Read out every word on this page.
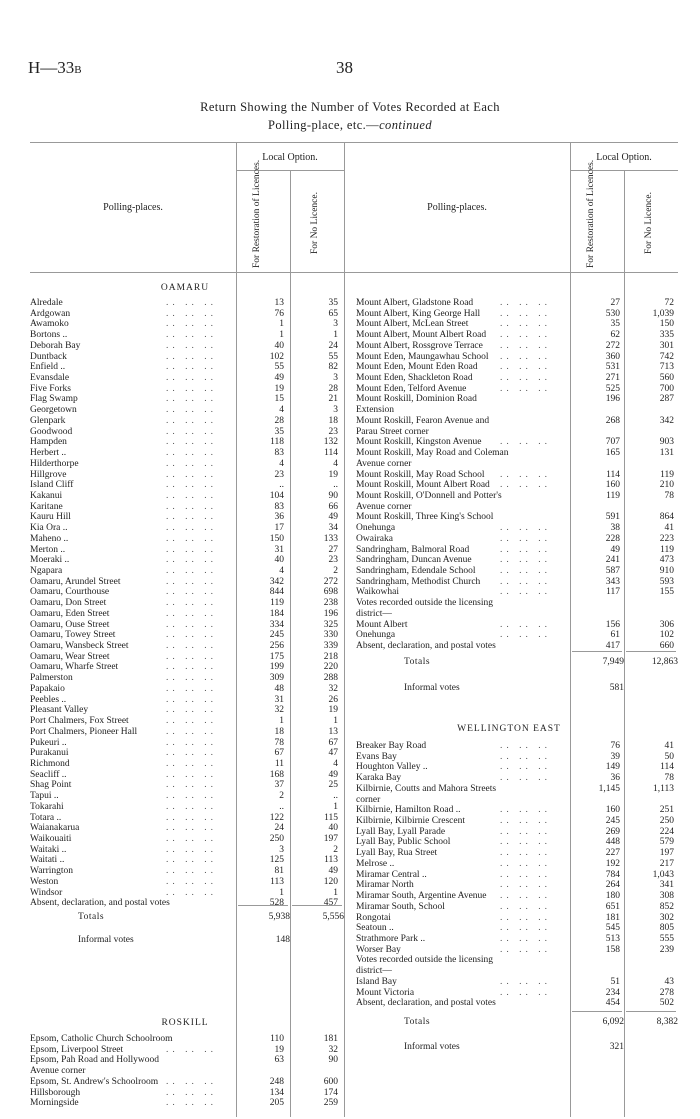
H—33B	38
Return Showing the Number of Votes Recorded at Each
Polling-place, etc.—continued
Polling-places.
Local Option.
For Restoration of Licences.	For No Licence.	Polling-places.
Local Option.
For Restoration of Licences.	For No Licence.
OAMARU
ROSKILL
WELLINGTON EAST
Alredale	.. .. ..	13	35
Ardgowan	.. .. ..	76	65
Awamoko	.. .. ..	1	3
Bortons ..	.. .. ..	1	1
Deborah Bay	.. .. ..	40	24
Duntback	.. .. ..	102	55
Enfield ..	.. .. ..	55	82
Evansdale	.. .. ..	49	3
Five Forks	.. .. ..	19	28
Flag Swamp	.. .. ..	15	21
Georgetown	.. .. ..	4	3
Glenpark	.. .. ..	28	18
Goodwood	.. .. ..	35	23
Hampden	.. .. ..	118	132
Herbert ..	.. .. ..	83	114
Hilderthorpe	.. .. ..	4	4
Hillgrove	.. .. ..	23	19
Island Cliff	.. .. ..	..	..
Kakanui	.. .. ..	104	90
Karitane	.. .. ..	83	66
Kauru Hill	.. .. ..	36	49
Kia Ora ..	.. .. ..	17	34
Maheno ..	.. .. ..	150	133
Merton ..	.. .. ..	31	27
Moeraki ..	.. .. ..	40	23
Ngapara	.. .. ..	4	2
Oamaru, Arundel Street	.. .. ..	342	272
Oamaru, Courthouse	.. .. ..	844	698
Oamaru, Don Street	.. .. ..	119	238
Oamaru, Eden Street	.. .. ..	184	196
Oamaru, Ouse Street	.. .. ..	334	325
Oamaru, Towey Street	.. .. ..	245	330
Oamaru, Wansbeck Street	.. .. ..	256	339
Oamaru, Wear Street	.. .. ..	175	218
Oamaru, Wharfe Street	.. .. ..	199	220
Palmerston	.. .. ..	309	288
Papakaio	.. .. ..	48	32
Peebles ..	.. .. ..	31	26
Pleasant Valley	.. .. ..	32	19
Port Chalmers, Fox Street	.. .. ..	1	1
Port Chalmers, Pioneer Hall	.. .. ..	18	13
Pukeuri ..	.. .. ..	78	67
Purakanui	.. .. ..	67	47
Richmond	.. .. ..	11	4
Seacliff ..	.. .. ..	168	49
Shag Point	.. .. ..	37	25
Tapui ..	.. .. ..	2	..
Tokarahi	.. .. ..	..	1
Totara ..	.. .. ..	122	115
Waianakarua	.. .. ..	24	40
Waikouaiti	.. .. ..	250	197
Waitaki ..	.. .. ..	3	2
Waitati ..	.. .. ..	125	113
Warrington	.. .. ..	81	49
Weston	.. .. ..	113	120
Windsor	.. .. ..	1	1
Absent, declaration, and postal votes	528	457
Epsom, Catholic Church Schoolroom	110	181
Epsom, Liverpool Street	.. .. ..	19	32
Epsom, Pah Road and Hollywood	63	90
Avenue corner
Epsom, St. Andrew's Schoolroom .. .. ..	248	600
Hillsborough	.. .. ..	134	174
Morningside	.. .. ..	205	259
Mount Albert, Gladstone Road	.. .. ..	27	72
Mount Albert, King George Hall .. .. ..	530	1,039
Mount Albert, McLean Street	.. .. ..	35	150
Mount Albert, Mount Albert Road .. .. ..	62	335
Mount Albert, Rossgrove Terrace .. .. ..	272	301
Mount Eden, Maungawhau School .. .. ..	360	742
Mount Eden, Mount Eden Road .. .. ..	531	713
Mount Eden, Shackleton Road	.. .. ..	271	560
Mount Eden, Telford Avenue	.. .. ..	525	700
Mount Roskill, Dominion Road	196	287
Extension
Mount Roskill, Fearon Avenue and	268	342
Parau Street corner
Mount Roskill, Kingston Avenue .. .. ..	707	903
Mount Roskill, May Road and Coleman	165	131
Avenue corner
Mount Roskill, May Road School .. .. ..	114	119
Mount Roskill, Mount Albert Road .. .. ..	160	210
Mount Roskill, O'Donnell and Potter's	119	78
Avenue corner
Mount Roskill, Three King's School	591	864
Onehunga	.. .. ..	38	41
Owairaka	.. .. ..	228	223
Sandringham, Balmoral Road	.. .. ..	49	119
Sandringham, Duncan Avenue	.. .. ..	241	473
Sandringham, Edendale School	.. .. ..	587	910
Sandringham, Methodist Church .. .. ..	343	593
Waikowhai	.. .. ..	117	155
Votes recorded outside the licensing
district—
Mount Albert	.. .. ..	156	306
Onehunga	.. .. ..	61	102
Absent, declaration, and postal votes	417	660
Breaker Bay Road	.. .. ..	76	41
Evans Bay	.. .. ..	39	50
Houghton Valley ..	.. .. ..	149	114
Karaka Bay	.. .. ..	36	78
Kilbirnie, Coutts and Mahora Streets	1,145	1,113
corner
Kilbirnie, Hamilton Road ..	.. .. ..	160	251
Kilbirnie, Kilbirnie Crescent	.. .. ..	245	250
Lyall Bay, Lyall Parade	.. .. ..	269	224
Lyall Bay, Public School	.. .. ..	448	579
Lyall Bay, Rua Street	.. .. ..	227	197
Melrose ..	.. .. ..	192	217
Miramar Central ..	.. .. ..	784	1,043
Miramar North	.. .. ..	264	341
Miramar South, Argentine Avenue .. .. ..	180	308
Miramar South, School	.. .. ..	651	852
Rongotai	.. .. ..	181	302
Seatoun ..	.. .. ..	545	805
Strathmore Park ..	.. .. ..	513	555
Worser Bay	.. .. ..	158	239
Votes recorded outside the licensing
district—
Island Bay	.. .. ..	51	43
Mount Victoria	.. .. ..	234	278
Absent, declaration, and postal votes	454	502
Totals	5,938	5,556
Informal votes	148
Totals	7,949	12,863
Informal votes	581
Totals	6,092	8,382
Informal votes	321
